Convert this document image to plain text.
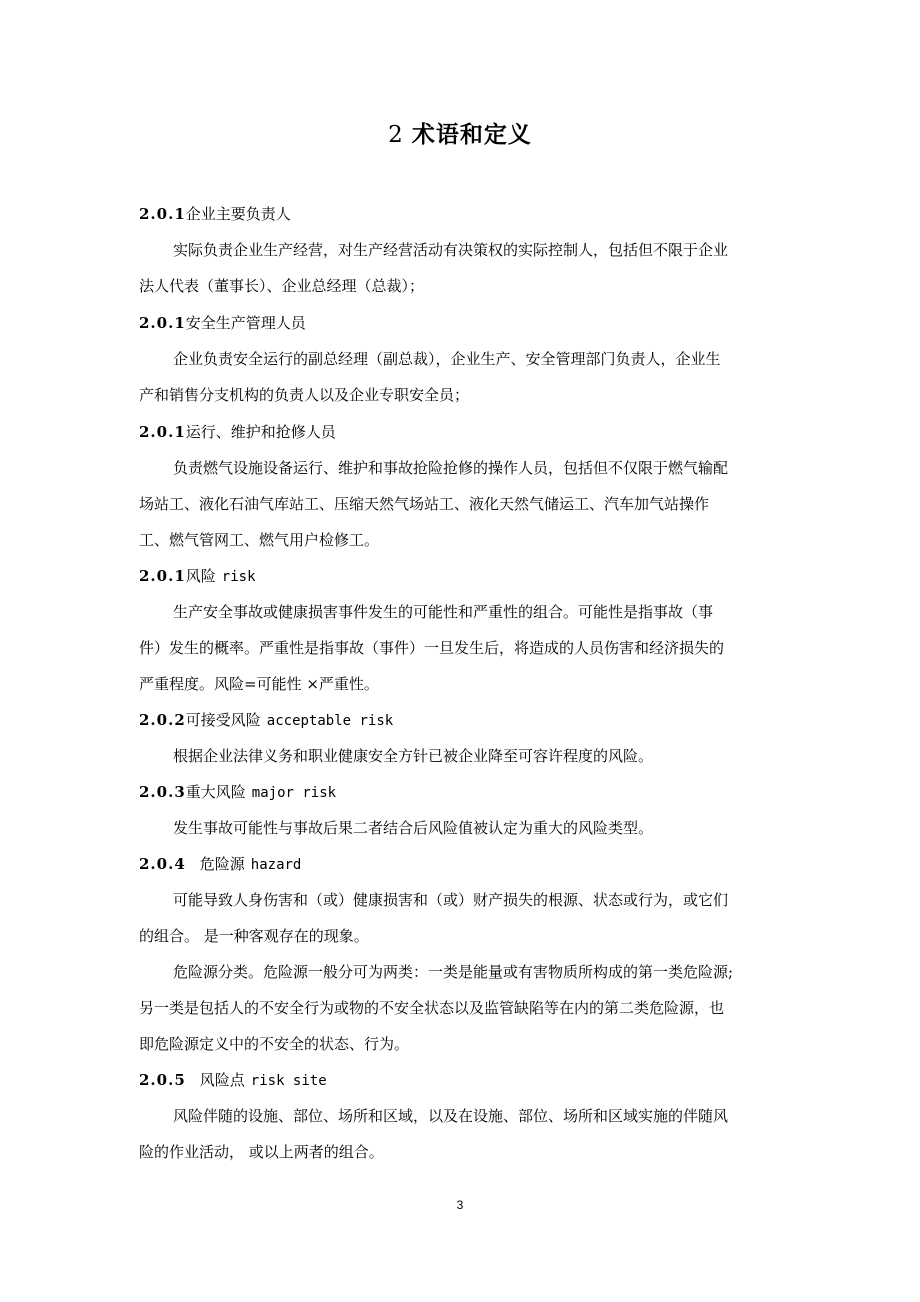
2 术语和定义
2.0.1企业主要负责人
实际负责企业生产经营，对生产经营活动有决策权的实际控制人，包括但不限于企业
法人代表（董事长）、企业总经理（总裁）；
2.0.1安全生产管理人员
企业负责安全运行的副总经理（副总裁），企业生产、安全管理部门负责人，企业生
产和销售分支机构的负责人以及企业专职安全员；
2.0.1运行、维护和抢修人员
负责燃气设施设备运行、维护和事故抢险抢修的操作人员，包括但不仅限于燃气输配
场站工、液化石油气库站工、压缩天然气场站工、液化天然气储运工、汽车加气站操作
工、燃气管网工、燃气用户检修工。
2.0.1风险 risk
生产安全事故或健康损害事件发生的可能性和严重性的组合。可能性是指事故（事
件）发生的概率。严重性是指事故（事件）一旦发生后，将造成的人员伤害和经济损失的
严重程度。风险=可能性 ×严重性。
2.0.2可接受风险 acceptable risk
根据企业法律义务和职业健康安全方针已被企业降至可容许程度的风险。
2.0.3重大风险 major risk
发生事故可能性与事故后果二者结合后风险值被认定为重大的风险类型。
2.0.4 危险源 hazard
可能导致人身伤害和（或）健康损害和（或）财产损失的根源、状态或行为，或它们
的组合。 是一种客观存在的现象。
危险源分类。危险源一般分可为两类：一类是能量或有害物质所构成的第一类危险源;
另一类是包括人的不安全行为或物的不安全状态以及监管缺陷等在内的第二类危险源，也
即危险源定义中的不安全的状态、行为。
2.0.5 风险点 risk site
风险伴随的设施、部位、场所和区域，以及在设施、部位、场所和区域实施的伴随风
险的作业活动， 或以上两者的组合。
3
